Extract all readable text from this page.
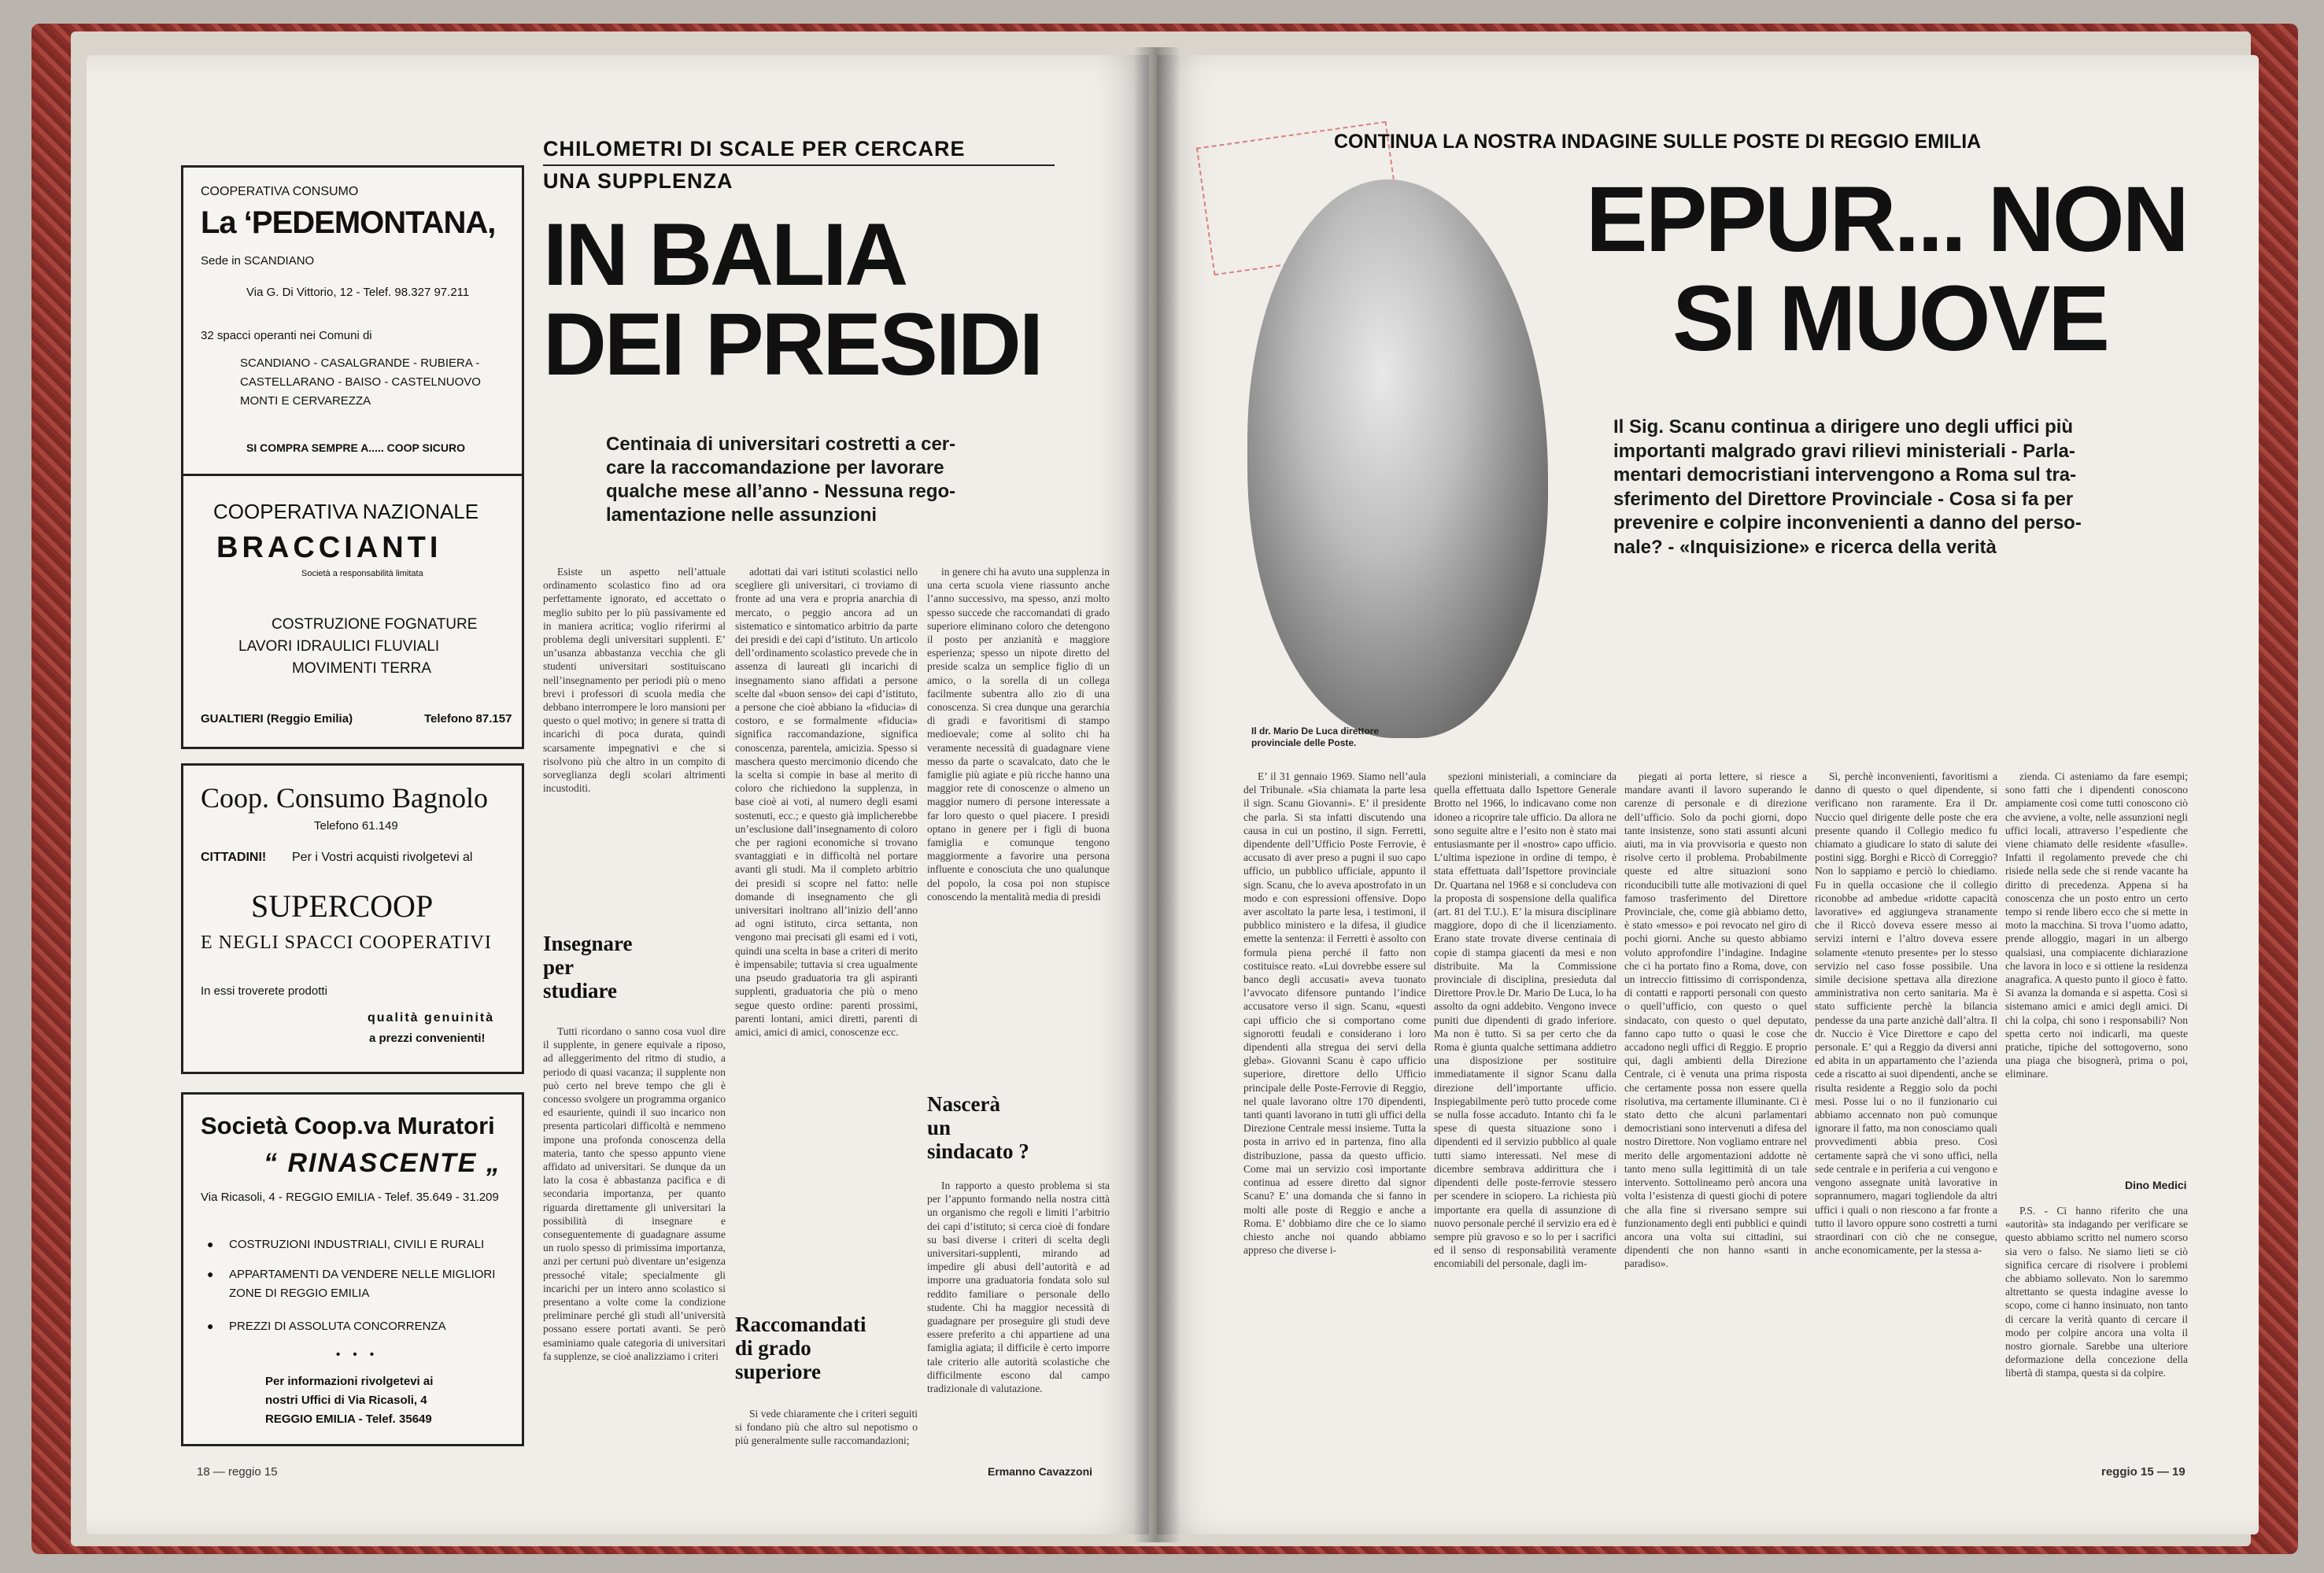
COOPERATIVA CONSUMO
La ‘PEDEMONTANA,
Sede in SCANDIANO
Via G. Di Vittorio, 12 - Telef. 98.327 97.211
32 spacci operanti nei Comuni di
SCANDIANO - CASALGRANDE - RUBIERA -
CASTELLARANO - BAISO - CASTELNUOVO
MONTI E CERVAREZZA
SI COMPRA SEMPRE A..... COOP SICURO
COOPERATIVA NAZIONALE
BRACCIANTI
Società a responsabilità limitata
COSTRUZIONE FOGNATURE
LAVORI IDRAULICI FLUVIALI
MOVIMENTI TERRA
GUALTIERI (Reggio Emilia)	Telefono 87.157
Coop. Consumo Bagnolo
Telefono 61.149
CITTADINI! Per i Vostri acquisti rivolgetevi al
SUPERCOOP
E NEGLI SPACCI COOPERATIVI
In essi troverete prodotti
qualità genuinità
a prezzi convenienti!
Società Coop.va Muratori
“ RINASCENTE „
Via Ricasoli, 4 - REGGIO EMILIA - Telef. 35.649 - 31.209
● COSTRUZIONI INDUSTRIALI, CIVILI E RURALI
● APPARTAMENTI DA VENDERE NELLE MIGLIORI
ZONE DI REGGIO EMILIA
● PREZZI DI ASSOLUTA CONCORRENZA
• • •
Per informazioni rivolgetevi ai
nostri Uffici di Via Ricasoli, 4
REGGIO EMILIA - Telef. 35649
CHILOMETRI DI SCALE PER CERCARE
UNA SUPPLENZA
IN BALIA
DEI PRESIDI
Centinaia di universitari costretti a cer-
care la raccomandazione per lavorare
qualche mese all’anno - Nessuna rego-
lamentazione nelle assunzioni

Esiste un aspetto nell’attuale ordinamento scolastico fino ad ora perfettamente ignorato, ed accettato o meglio subito per lo più passivamente ed in maniera acritica; voglio riferirmi al problema degli universitari supplenti. E’ un’usanza abbastanza vecchia che gli studenti universitari sostituiscano nell’insegnamento per periodi più o meno brevi i professori di scuola media che debbano interrompere le loro mansioni per questo o quel motivo; in genere si tratta di incarichi di poca durata, quindi scarsamente impegnativi e che si risolvono più che altro in un compito di sorveglianza degli scolari altrimenti incustoditi.

Insegnare
per
studiare

Tutti ricordano o sanno cosa vuol dire il supplente, in genere equivale a riposo, ad alleggerimento del ritmo di studio, a periodo di quasi vacanza; il supplente non può certo nel breve tempo che gli è concesso svolgere un programma organico ed esauriente, quindi il suo incarico non presenta particolari difficoltà e nemmeno impone una profonda conoscenza della materia, tanto che spesso appunto viene affidato ad universitari. Se dunque da un lato la cosa è abbastanza pacifica e di secondaria importanza, per quanto riguarda direttamente gli universitari la possibilità di insegnare e conseguentemente di guadagnare assume un ruolo spesso di primissima importanza, anzi per certuni può diventare un’esigenza pressoché vitale; specialmente gli incarichi per un intero anno scolastico si presentano a volte come la condizione preliminare perché gli studi all’università possano essere portati avanti. Se però esaminiamo quale categoria di universitari fa supplenze, se cioè analizziamo i criteri

adottati dai vari istituti scolastici nello scegliere gli universitari, ci troviamo di fronte ad una vera e propria anarchia di mercato, o peggio ancora ad un sistematico e sintomatico arbitrio da parte dei presidi e dei capi d’istituto. Un articolo dell’ordinamento scolastico prevede che in assenza di laureati gli incarichi di insegnamento siano affidati a persone scelte dal «buon senso» dei capi d’istituto, a persone che cioè abbiano la «fiducia» di costoro, e se formalmente «fiducia» significa raccomandazione, significa conoscenza, parentela, amicizia. Spesso si maschera questo mercimonio dicendo che la scelta si compie in base al merito di coloro che richiedono la supplenza, in base cioè ai voti, al numero degli esami sostenuti, ecc.; e questo già implicherebbe un’esclusione dall’insegnamento di coloro che per ragioni economiche si trovano svantaggiati e in difficoltà nel portare avanti gli studi. Ma il completo arbitrio dei presidi si scopre nel fatto: nelle domande di insegnamento che gli universitari inoltrano all’inizio dell’anno ad ogni istituto, circa settanta, non vengono mai precisati gli esami ed i voti, quindi una scelta in base a criteri di merito è impensabile; tuttavia si crea ugualmente una pseudo graduatoria tra gli aspiranti supplenti, graduatoria che più o meno segue questo ordine: parenti prossimi, parenti lontani, amici diretti, parenti di amici, amici di amici, conoscenze ecc.

Raccomandati
di grado
superiore

Si vede chiaramente che i criteri seguiti si fondano più che altro sul nepotismo o più generalmente sulle raccomandazioni;

in genere chi ha avuto una supplenza in una certa scuola viene riassunto anche l’anno successivo, ma spesso, anzi molto spesso succede che raccomandati di grado superiore eliminano coloro che detengono il posto per anzianità e maggiore esperienza; spesso un nipote diretto del preside scalza un semplice figlio di un amico, o la sorella di un collega facilmente subentra allo zio di una conoscenza. Si crea dunque una gerarchia di gradi e favoritismi di stampo medioevale; come al solito chi ha veramente necessità di guadagnare viene messo da parte o scavalcato, dato che le famiglie più agiate e più ricche hanno una maggior rete di conoscenze o almeno un maggior numero di persone interessate a far loro questo o quel piacere. I presidi optano in genere per i figli di buona famiglia e comunque tengono maggiormente a favorire una persona influente e conosciuta che uno qualunque del popolo, la cosa poi non stupisce conoscendo la mentalità media di presidi

Nascerà
un
sindacato ?

In rapporto a questo problema si sta per l’appunto formando nella nostra città un organismo che regoli e limiti l’arbitrio dei capi d’istituto; si cerca cioè di fondare su basi diverse i criteri di scelta degli universitari-supplenti, mirando ad impedire gli abusi dell’autorità e ad imporre una graduatoria fondata solo sul reddito familiare o personale dello studente. Chi ha maggior necessità di guadagnare per proseguire gli studi deve essere preferito a chi appartiene ad una famiglia agiata; il difficile è certo imporre tale criterio alle autorità scolastiche che difficilmente escono dal campo tradizionale di valutazione.

Ermanno Cavazzoni
18 — reggio 15
CONTINUA LA NOSTRA INDAGINE SULLE POSTE DI REGGIO EMILIA
EPPUR... NON
SI MUOVE
Il dr. Mario De Luca direttore
provinciale delle Poste.
Il Sig. Scanu continua a dirigere uno degli uffici più
importanti malgrado gravi rilievi ministeriali - Parla-
mentari democristiani intervengono a Roma sul tra-
sferimento del Direttore Provinciale - Cosa si fa per
prevenire e colpire inconvenienti a danno del perso-
nale? - «Inquisizione» e ricerca della verità

E’ il 31 gennaio 1969. Siamo nell’aula del Tribunale. «Sia chiamata la parte lesa il sign. Scanu Giovanni». E’ il presidente che parla. Si sta infatti discutendo una causa in cui un postino, il sign. Ferretti, dipendente dell’Ufficio Poste Ferrovie, è accusato di aver preso a pugni il suo capo ufficio, un pubblico ufficiale, appunto il sign. Scanu, che lo aveva apostrofato in un modo e con espressioni offensive. Dopo aver ascoltato la parte lesa, i testimoni, il pubblico ministero e la difesa, il giudice emette la sentenza: il Ferretti è assolto con formula piena perché il fatto non costituisce reato. «Lui dovrebbe essere sul banco degli accusati» aveva tuonato l’avvocato difensore puntando l’indice accusatore verso il sign. Scanu, «questi capi ufficio che si comportano come signorotti feudali e considerano i loro dipendenti alla stregua dei servi della gleba». Giovanni Scanu è capo ufficio superiore, direttore dello Ufficio principale delle Poste-Ferrovie di Reggio, nel quale lavorano oltre 170 dipendenti, tanti quanti lavorano in tutti gli uffici della Direzione Centrale messi insieme. Tutta la posta in arrivo ed in partenza, fino alla distribuzione, passa da questo ufficio. Come mai un servizio così importante continua ad essere diretto dal signor Scanu? E’ una domanda che si fanno in molti alle poste di Reggio e anche a Roma. E’ dobbiamo dire che ce lo siamo chiesto anche noi quando abbiamo appreso che diverse i-

spezioni ministeriali, a cominciare da quella effettuata dallo Ispettore Generale Brotto nel 1966, lo indicavano come non idoneo a ricoprire tale ufficio. Da allora ne sono seguite altre e l’esito non è stato mai entusiasmante per il «nostro» capo ufficio. L’ultima ispezione in ordine di tempo, è stata effettuata dall’Ispettore provinciale Dr. Quartana nel 1968 e si concludeva con la proposta di sospensione della qualifica (art. 81 del T.U.). E’ la misura disciplinare maggiore, dopo di che il licenziamento. Erano state trovate diverse centinaia di copie di stampa giacenti da mesi e non distribuite. Ma la Commissione provinciale di disciplina, presieduta dal Direttore Prov.le Dr. Mario De Luca, lo ha assolto da ogni addebito. Vengono invece puniti due dipendenti di grado inferiore. Ma non è tutto. Si sa per certo che da Roma è giunta qualche settimana addietro una disposizione per sostituire immediatamente il signor Scanu dalla direzione dell’importante ufficio. Inspiegabilmente però tutto procede come se nulla fosse accaduto. Intanto chi fa le spese di questa situazione sono i dipendenti ed il servizio pubblico al quale tutti siamo interessati. Nel mese di dicembre sembrava addirittura che i dipendenti delle poste-ferrovie stessero per scendere in sciopero. La richiesta più importante era quella di assunzione di nuovo personale perché il servizio era ed è sempre più gravoso e so lo per i sacrifici ed il senso di responsabilità veramente encomiabili del personale, dagli im-

piegati ai porta lettere, si riesce a mandare avanti il lavoro superando le carenze di personale e di direzione dell’ufficio. Solo da pochi giorni, dopo tante insistenze, sono stati assunti alcuni aiuti, ma in via provvisoria e questo non risolve certo il problema. Probabilmente queste ed altre situazioni sono riconducibili tutte alle motivazioni di quel famoso trasferimento del Direttore Provinciale, che, come già abbiamo detto, è stato «messo» e poi revocato nel giro di pochi giorni. Anche su questo abbiamo voluto approfondire l’indagine. Indagine che ci ha portato fino a Roma, dove, con un intreccio fittissimo di corrispondenza, di contatti e rapporti personali con questo o quell’ufficio, con questo o quel sindacato, con questo o quel deputato, fanno capo tutto o quasi le cose che accadono negli uffici di Reggio. E proprio qui, dagli ambienti della Direzione Centrale, ci è venuta una prima risposta che certamente possa non essere quella risolutiva, ma certamente illuminante. Ci è stato detto che alcuni parlamentari democristiani sono intervenuti a difesa del nostro Direttore. Non vogliamo entrare nel merito delle argomentazioni addotte nè tanto meno sulla legittimità di un tale intervento. Sottolineamo però ancora una volta l’esistenza di questi giochi di potere che alla fine si riversano sempre sui funzionamento degli enti pubblici e quindi ancora una volta sui cittadini, sui dipendenti che non hanno «santi in paradiso».

Sì, perchè inconvenienti, favoritismi a danno di questo o quel dipendente, si verificano non raramente. Era il Dr. Nuccio quel dirigente delle poste che era presente quando il Collegio medico fu chiamato a giudicare lo stato di salute dei postini sigg. Borghi e Riccò di Correggio? Non lo sappiamo e perciò lo chiediamo. Fu in quella occasione che il collegio riconobbe ad ambedue «ridotte capacità lavorative» ed aggiungeva stranamente che il Riccò doveva essere messo ai servizi interni e l’altro doveva essere solamente «tenuto presente» per lo stesso servizio nel caso fosse possibile. Una simile decisione spettava alla direzione amministrativa non certo sanitaria. Ma è stato sufficiente perchè la bilancia pendesse da una parte anzichè dall’altra. Il dr. Nuccio è Vice Direttore e capo del personale. E’ qui a Reggio da diversi anni ed abita in un appartamento che l’azienda cede a riscatto ai suoi dipendenti, anche se risulta residente a Reggio solo da pochi mesi. Posse lui o no il funzionario cui abbiamo accennato non può comunque ignorare il fatto, ma non conosciamo quali provvedimenti abbia preso. Così certamente saprà che vi sono uffici, nella sede centrale e in periferia a cui vengono e vengono assegnate unità lavorative in soprannumero, magari togliendole da altri uffici i quali o non riescono a far fronte a tutto il lavoro oppure sono costretti a turni straordinari con ciò che ne consegue, anche economicamente, per la stessa a-

zienda. Ci asteniamo da fare esempi; sono fatti che i dipendenti conoscono ampiamente così come tutti conoscono ciò che avviene, a volte, nelle assunzioni negli uffici locali, attraverso l’espediente che viene chiamato delle residente «fasulle». Infatti il regolamento prevede che chi risiede nella sede che si rende vacante ha diritto di precedenza. Appena si ha conoscenza che un posto entro un certo tempo si rende libero ecco che si mette in moto la macchina. Si trova l’uomo adatto, prende alloggio, magari in un albergo qualsiasi, una compiacente dichiarazione che lavora in loco e si ottiene la residenza anagrafica. A questo punto il gioco è fatto. Si avanza la domanda e si aspetta. Così si sistemano amici e amici degli amici. Di chi la colpa, chi sono i responsabili? Non spetta certo noi indicarli, ma queste pratiche, tipiche del sottogoverno, sono una piaga che bisognerà, prima o poi, eliminare.

Dino Medici

P.S. - Ci hanno riferito che una «autorità» sta indagando per verificare se questo abbiamo scritto nel numero scorso sia vero o falso. Ne siamo lieti se ciò significa cercare di risolvere i problemi che abbiamo sollevato. Non lo saremmo altrettanto se questa indagine avesse lo scopo, come ci hanno insinuato, non tanto di cercare la verità quanto di cercare il modo per colpire ancora una volta il nostro giornale. Sarebbe una ulteriore deformazione della concezione della libertà di stampa, questa si da colpire.

reggio 15 — 19
